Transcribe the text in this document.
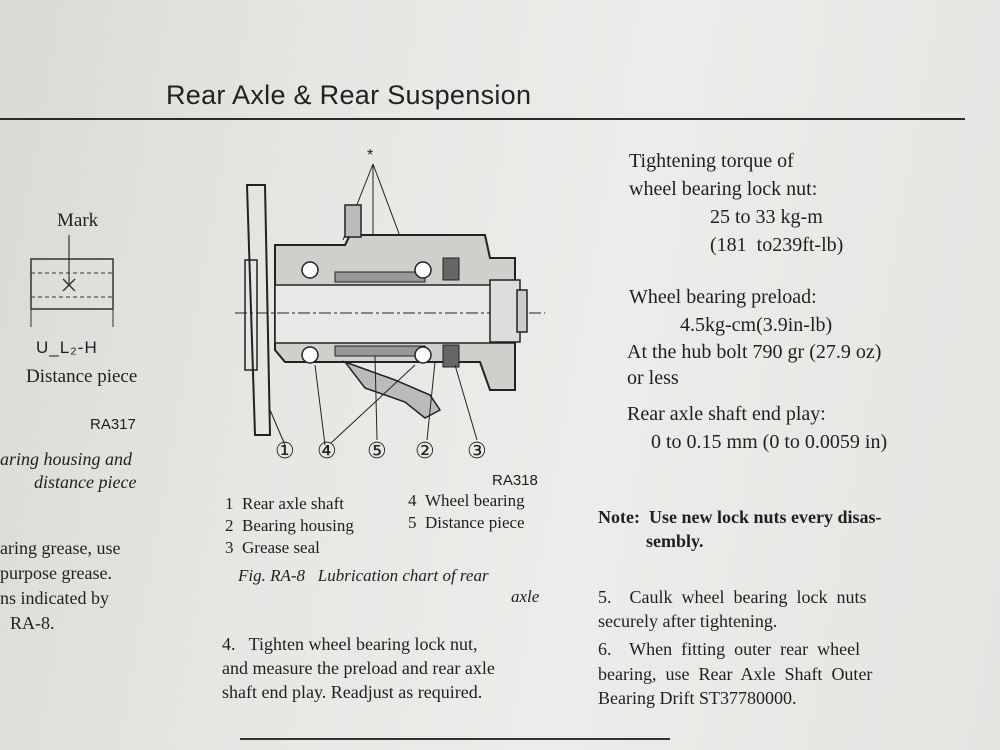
Rear Axle & Rear Suspension
Mark
U_L₂-H
Distance piece
RA317
aring housing and
distance piece
aring grease, use
purpose grease.
ns indicated by
RA-8.
*
① ④ ⑤ ② ③
RA318
1 Rear axle shaft
2 Bearing housing
3 Grease seal
4 Wheel bearing
5 Distance piece
Fig. RA-8   Lubrication chart of rear
axle
4.   Tighten wheel bearing lock nut,
and measure the preload and rear axle
shaft end play. Readjust as required.
Tightening torque of
wheel bearing lock nut:
25 to 33 kg-m
(181  to239ft-lb)
Wheel bearing preload:
4.5kg-cm(3.9in-lb)
At the hub bolt 790 gr (27.9 oz)
or less
Rear axle shaft end play:
0 to 0.15 mm (0 to 0.0059 in)
Note:  Use new lock nuts every disas-
sembly.
5.    Caulk  wheel  bearing  lock  nuts
securely after tightening.
6.    When  fitting  outer  rear  wheel
bearing,  use  Rear  Axle  Shaft  Outer
Bearing Drift ST37780000.
